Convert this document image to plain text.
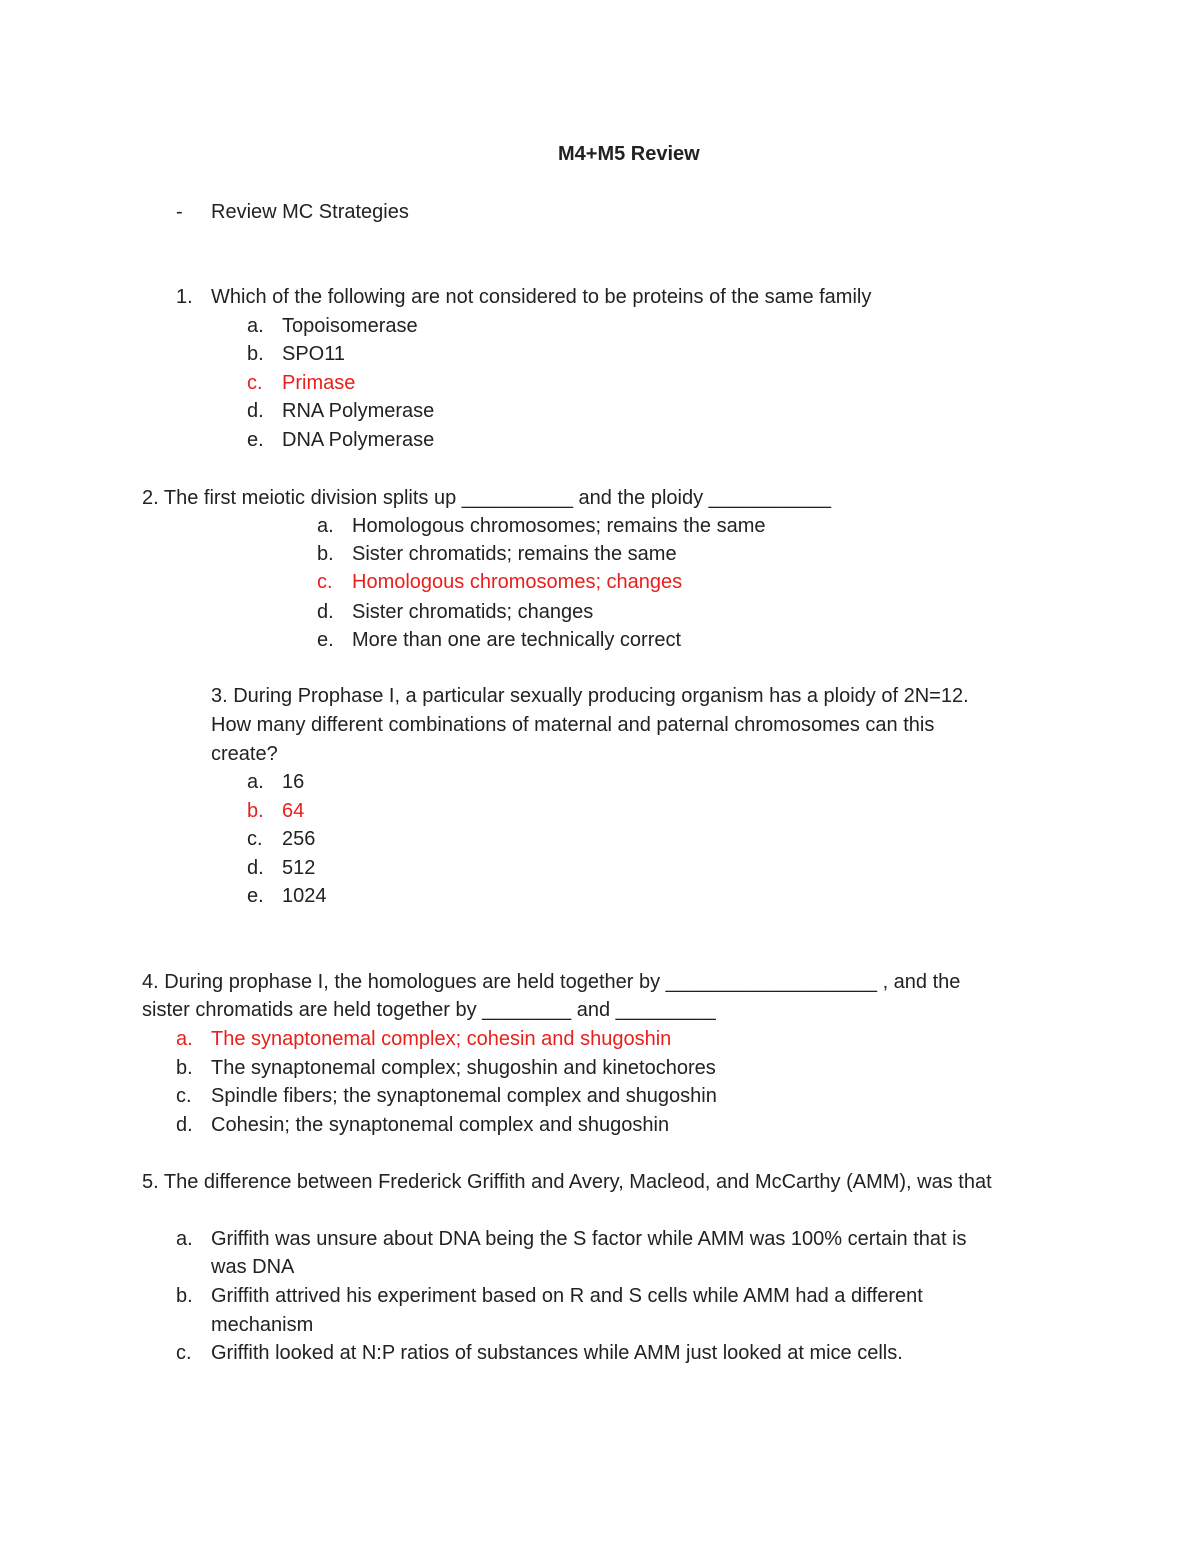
M4+M5 Review
- Review MC Strategies
1. Which of the following are not considered to be proteins of the same family
a. Topoisomerase
b. SPO11
c. Primase
d. RNA Polymerase
e. DNA Polymerase
2. The first meiotic division splits up __________ and the ploidy ___________
a. Homologous chromosomes; remains the same
b. Sister chromatids; remains the same
c. Homologous chromosomes; changes
d. Sister chromatids; changes
e. More than one are technically correct
3. During Prophase I, a particular sexually producing organism has a ploidy of 2N=12.
How many different combinations of maternal and paternal chromosomes can this
create?
a. 16
b. 64
c. 256
d. 512
e. 1024
4. During prophase I, the homologues are held together by ___________________ , and the
sister chromatids are held together by ________ and _________
a. The synaptonemal complex; cohesin and shugoshin
b. The synaptonemal complex; shugoshin and kinetochores
c. Spindle fibers; the synaptonemal complex and shugoshin
d. Cohesin; the synaptonemal complex and shugoshin
5. The difference between Frederick Griffith and Avery, Macleod, and McCarthy (AMM), was that
a. Griffith was unsure about DNA being the S factor while AMM was 100% certain that is
was DNA
b. Griffith attrived his experiment based on R and S cells while AMM had a different
mechanism
c. Griffith looked at N:P ratios of substances while AMM just looked at mice cells.
